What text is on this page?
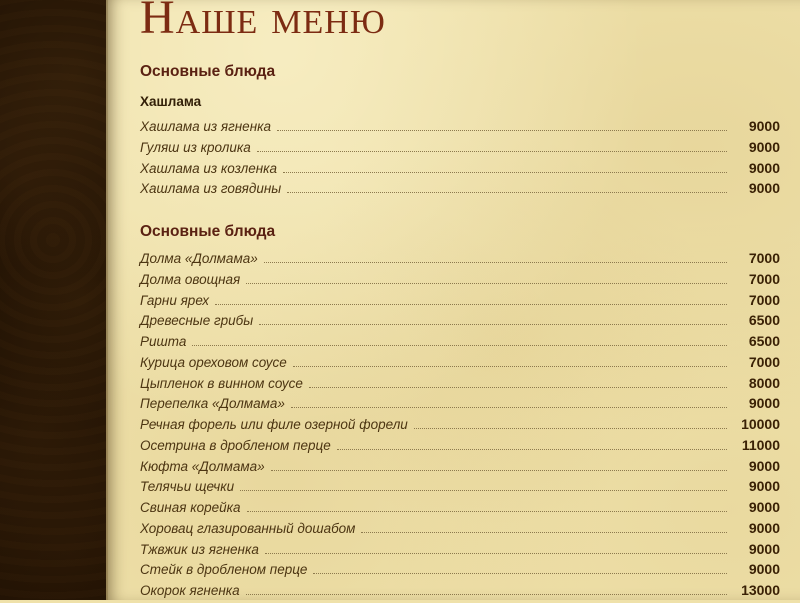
Наше меню
Основные блюда
Хашлама
Хашлама из ягненка	9000
Гуляш из кролика	9000
Хашлама из козленка	9000
Хашлама из говядины	9000
Основные блюда
Долма «Долмама»	7000
Долма овощная	7000
Гарни ярех	7000
Древесные грибы	6500
Ришта	6500
Курица ореховом соусе	7000
Цыпленок в винном соусе	8000
Перепелка «Долмама»	9000
Речная форель или филе озерной форели	10000
Осетрина в дробленом перце	11000
Кюфта «Долмама»	9000
Телячьи щечки	9000
Свиная корейка	9000
Хоровац глазированный дошабом	9000
Тжвжик из ягненка	9000
Стейк в дробленом перце	9000
Окорок ягненка	13000
